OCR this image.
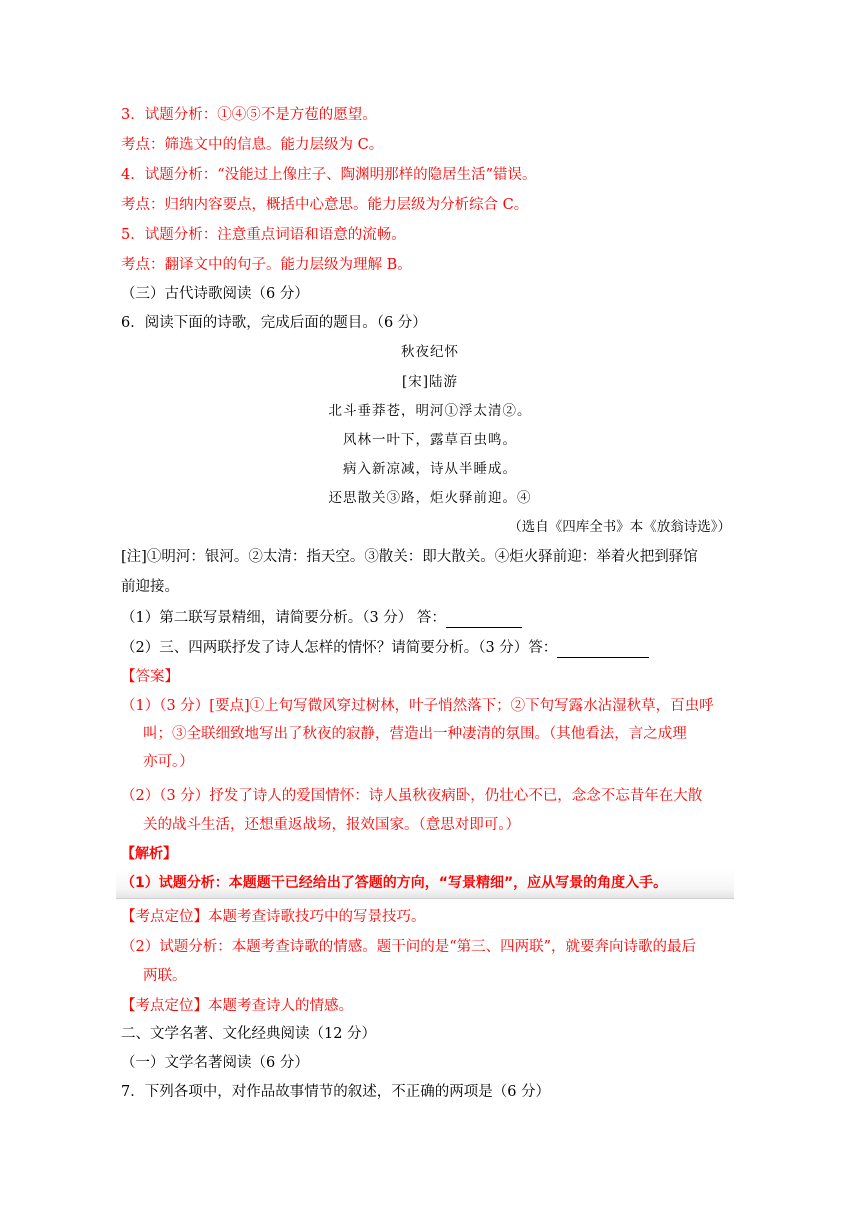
3．试题分析：①④⑤不是方苞的愿望。
考点：筛选文中的信息。能力层级为 C。
4．试题分析：“没能过上像庄子、陶渊明那样的隐居生活”错误。
考点：归纳内容要点，概括中心意思。能力层级为分析综合 C。
5．试题分析：注意重点词语和语意的流畅。
考点：翻译文中的句子。能力层级为理解 B。
（三）古代诗歌阅读（6 分）
6．阅读下面的诗歌，完成后面的题目。（6 分）
秋夜纪怀
[宋]陆游
北斗垂莽苍，明河①浮太清②。
风林一叶下，露草百虫鸣。
病入新凉减，诗从半睡成。
还思散关③路，炬火驿前迎。④
（选自《四库全书》本《放翁诗选》）
[注]①明河：银河。②太清：指天空。③散关：即大散关。④炬火驿前迎：举着火把到驿馆
前迎接。
（1）第二联写景精细，请简要分析。（3 分） 答：
（2）三、四两联抒发了诗人怎样的情怀？请简要分析。（3 分）答：
【答案】
（1）（3 分）[要点]①上句写微风穿过树林，叶子悄然落下；②下句写露水沾湿秋草，百虫呼
叫；③全联细致地写出了秋夜的寂静，营造出一种凄清的氛围。（其他看法，言之成理
亦可。）
（2）（3 分）抒发了诗人的爱国情怀：诗人虽秋夜病卧，仍壮心不已，念念不忘昔年在大散
关的战斗生活，还想重返战场，报效国家。（意思对即可。）
【解析】
（1）试题分析：本题题干已经给出了答题的方向，“写景精细”，应从写景的角度入手。
【考点定位】本题考查诗歌技巧中的写景技巧。
（2）试题分析：本题考查诗歌的情感。题干问的是“第三、四两联”，就要奔向诗歌的最后
两联。
【考点定位】本题考查诗人的情感。
二、文学名著、文化经典阅读（12 分）
（一）文学名著阅读（6 分）
7．下列各项中，对作品故事情节的叙述，不正确的两项是（6 分）
